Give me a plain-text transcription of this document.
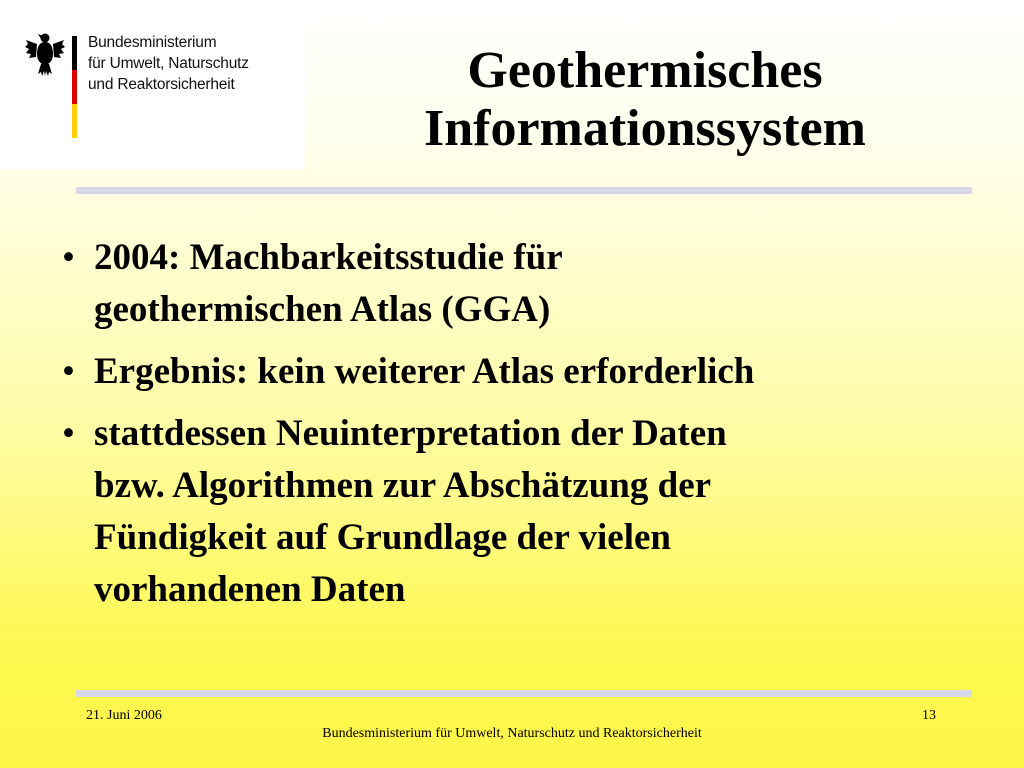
Bundesministerium
für Umwelt, Naturschutz
und Reaktorsicherheit	Geothermisches
Informationssystem
• 2004: Machbarkeitsstudie für
geothermischen Atlas (GGA)
• Ergebnis: kein weiterer Atlas erforderlich
• stattdessen Neuinterpretation der Daten
bzw. Algorithmen zur Abschätzung der
Fündigkeit auf Grundlage der vielen
vorhandenen Daten
21. Juni 2006	13
Bundesministerium für Umwelt, Naturschutz und Reaktorsicherheit
